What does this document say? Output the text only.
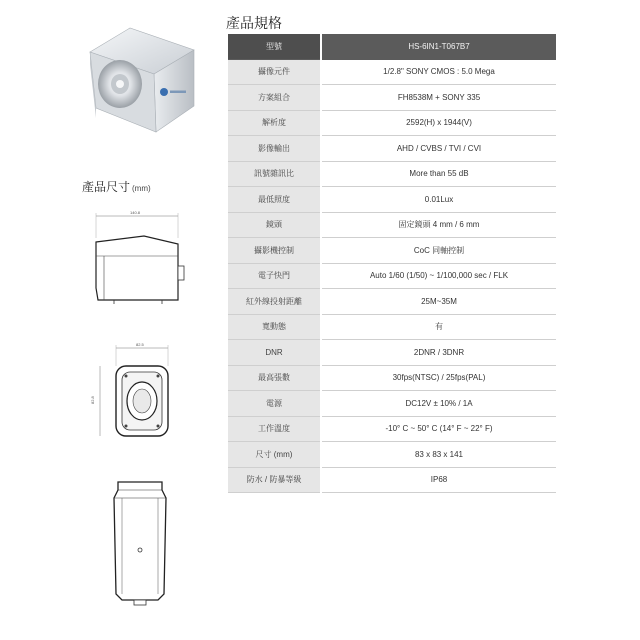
產品規格
型號	HS-6IN1-T067B7
攝像元件	1/2.8" SONY CMOS : 5.0 Mega
方案組合	FH8538M + SONY 335
解析度	2592(H) x 1944(V)
影像輸出	AHD / CVBS / TVI / CVI
訊號雜訊比	More than 55 dB
最低照度	0.01Lux
鏡頭	固定鏡頭 4 mm / 6 mm
攝影機控制	CoC 同軸控制
電子快門	Auto 1/60 (1/50) ~ 1/100,000 sec / FLK
紅外線投射距離	25M~35M
寬動態	有
DNR	2DNR / 3DNR
最高張數	30fps(NTSC) / 25fps(PAL)
電源	DC12V ± 10% / 1A
工作溫度	-10° C ~ 50° C (14° F ~ 22° F)
尺寸 (mm)	83 x 83 x 141
防水 / 防暴等級	IP68
產品尺寸 (mm)
140.8
82.5
82.8
